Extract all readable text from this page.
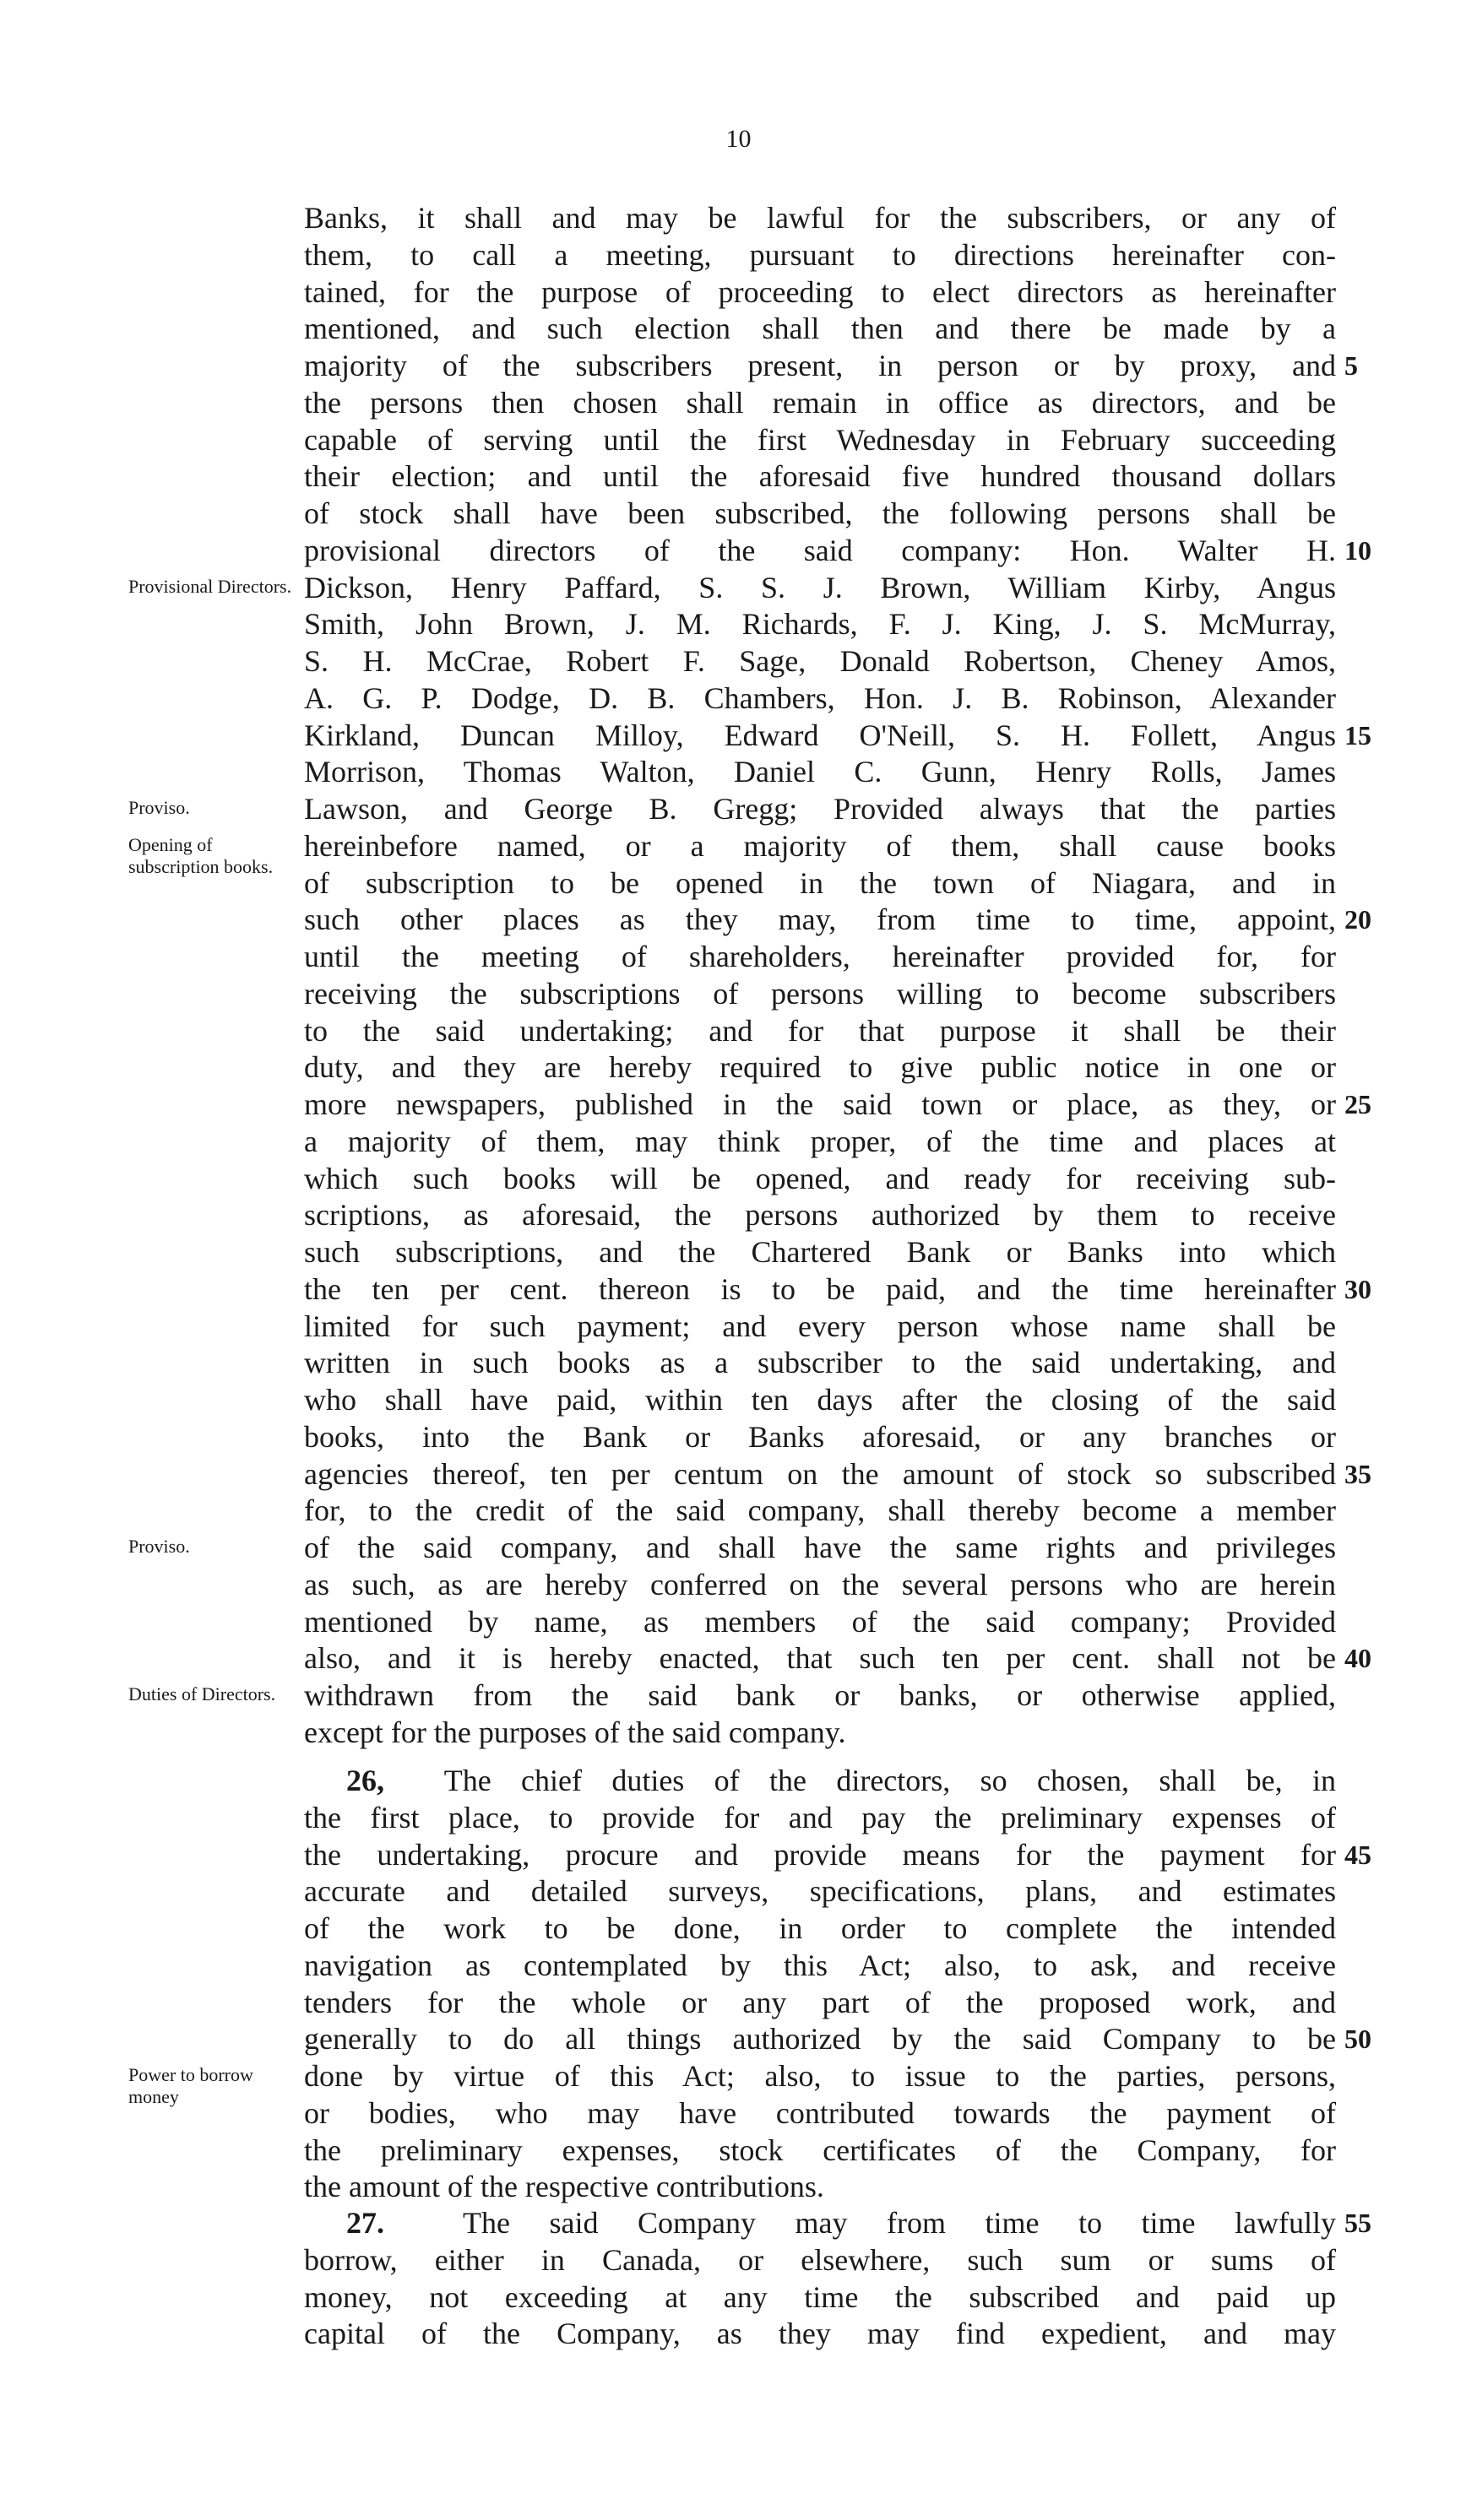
10
Banks, it shall and may be lawful for the subscribers, or any of
them, to call a meeting, pursuant to directions hereinafter con-
tained, for the purpose of proceeding to elect directors as hereinafter
mentioned, and such election shall then and there be made by a
majority of the subscribers present, in person or by proxy, and 5
the persons then chosen shall remain in office as directors, and be
capable of serving until the first Wednesday in February succeeding
their election; and until the aforesaid five hundred thousand dollars
of stock shall have been subscribed, the following persons shall be
provisional directors of the said company: Hon. Walter H. 10
Dickson, Henry Paffard, S. S. J. Brown, William Kirby, Angus
Smith, John Brown, J. M. Richards, F. J. King, J. S. McMurray,
S. H. McCrae, Robert F. Sage, Donald Robertson, Cheney Amos,
A. G. P. Dodge, D. B. Chambers, Hon. J. B. Robinson, Alexander
Kirkland, Duncan Milloy, Edward O'Neill, S. H. Follett, Angus 15
Morrison, Thomas Walton, Daniel C. Gunn, Henry Rolls, James
Lawson, and George B. Gregg; Provided always that the parties
hereinbefore named, or a majority of them, shall cause books
of subscription to be opened in the town of Niagara, and in
such other places as they may, from time to time, appoint, 20
until the meeting of shareholders, hereinafter provided for, for
receiving the subscriptions of persons willing to become subscribers
to the said undertaking; and for that purpose it shall be their
duty, and they are hereby required to give public notice in one or
more newspapers, published in the said town or place, as they, or 25
a majority of them, may think proper, of the time and places at
which such books will be opened, and ready for receiving sub-
scriptions, as aforesaid, the persons authorized by them to receive
such subscriptions, and the Chartered Bank or Banks into which
the ten per cent. thereon is to be paid, and the time hereinafter 30
limited for such payment; and every person whose name shall be
written in such books as a subscriber to the said undertaking, and
who shall have paid, within ten days after the closing of the said
books, into the Bank or Banks aforesaid, or any branches or
agencies thereof, ten per centum on the amount of stock so subscribed 35
for, to the credit of the said company, shall thereby become a member
of the said company, and shall have the same rights and privileges
as such, as are hereby conferred on the several persons who are herein
mentioned by name, as members of the said company; Provided
also, and it is hereby enacted, that such ten per cent. shall not be 40
withdrawn from the said bank or banks, or otherwise applied,
except for the purposes of the said company.
26,  The chief duties of the directors, so chosen, shall be, in
the first place, to provide for and pay the preliminary expenses of
the undertaking, procure and provide means for the payment for 45
accurate and detailed surveys, specifications, plans, and estimates
of the work to be done, in order to complete the intended
navigation as contemplated by this Act; also, to ask, and receive
tenders for the whole or any part of the proposed work, and
generally to do all things authorized by the said Company to be 50
done by virtue of this Act; also, to issue to the parties, persons,
or bodies, who may have contributed towards the payment of
the preliminary expenses, stock certificates of the Company, for
the amount of the respective contributions.
27.  The said Company may from time to time lawfully 55
borrow, either in Canada, or elsewhere, such sum or sums of
money, not exceeding at any time the subscribed and paid up
capital of the Company, as they may find expedient, and may
Provisional Directors.
Proviso.
Opening of subscription books.
Proviso.
Duties of Directors.
Power to borrow money
